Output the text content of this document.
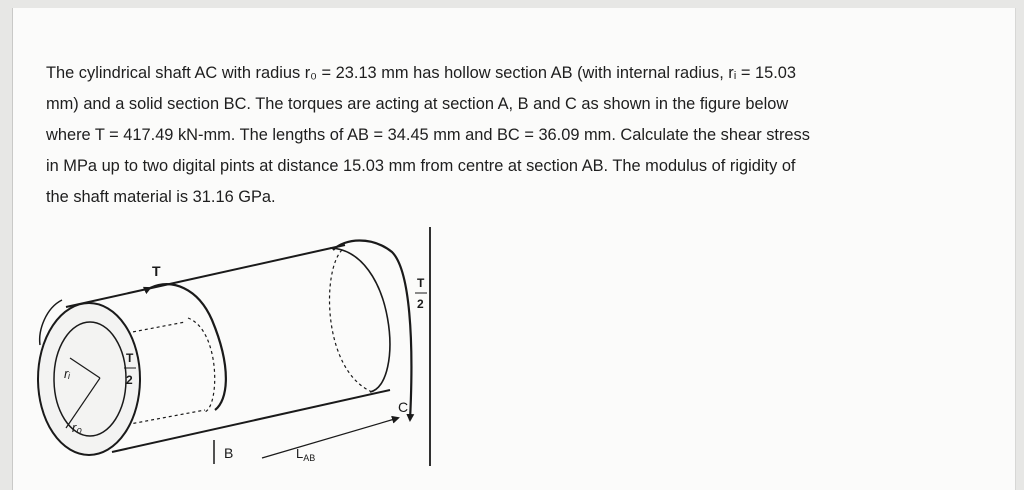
The cylindrical shaft AC with radius r₀ = 23.13 mm has hollow section AB (with internal radius, rᵢ = 15.03

mm) and a solid section BC. The torques are acting at section A, B and C as shown in the figure below

where T = 417.49 kN-mm. The lengths of AB = 34.45 mm and BC = 36.09 mm. Calculate the shear stress

in MPa up to two digital pints at distance 15.03 mm from centre at section AB. The modulus of rigidity of

the shaft material is 31.16 GPa.

rᵢ
r₀
T
T
2
T
2
C
B	$L_{AB}$
